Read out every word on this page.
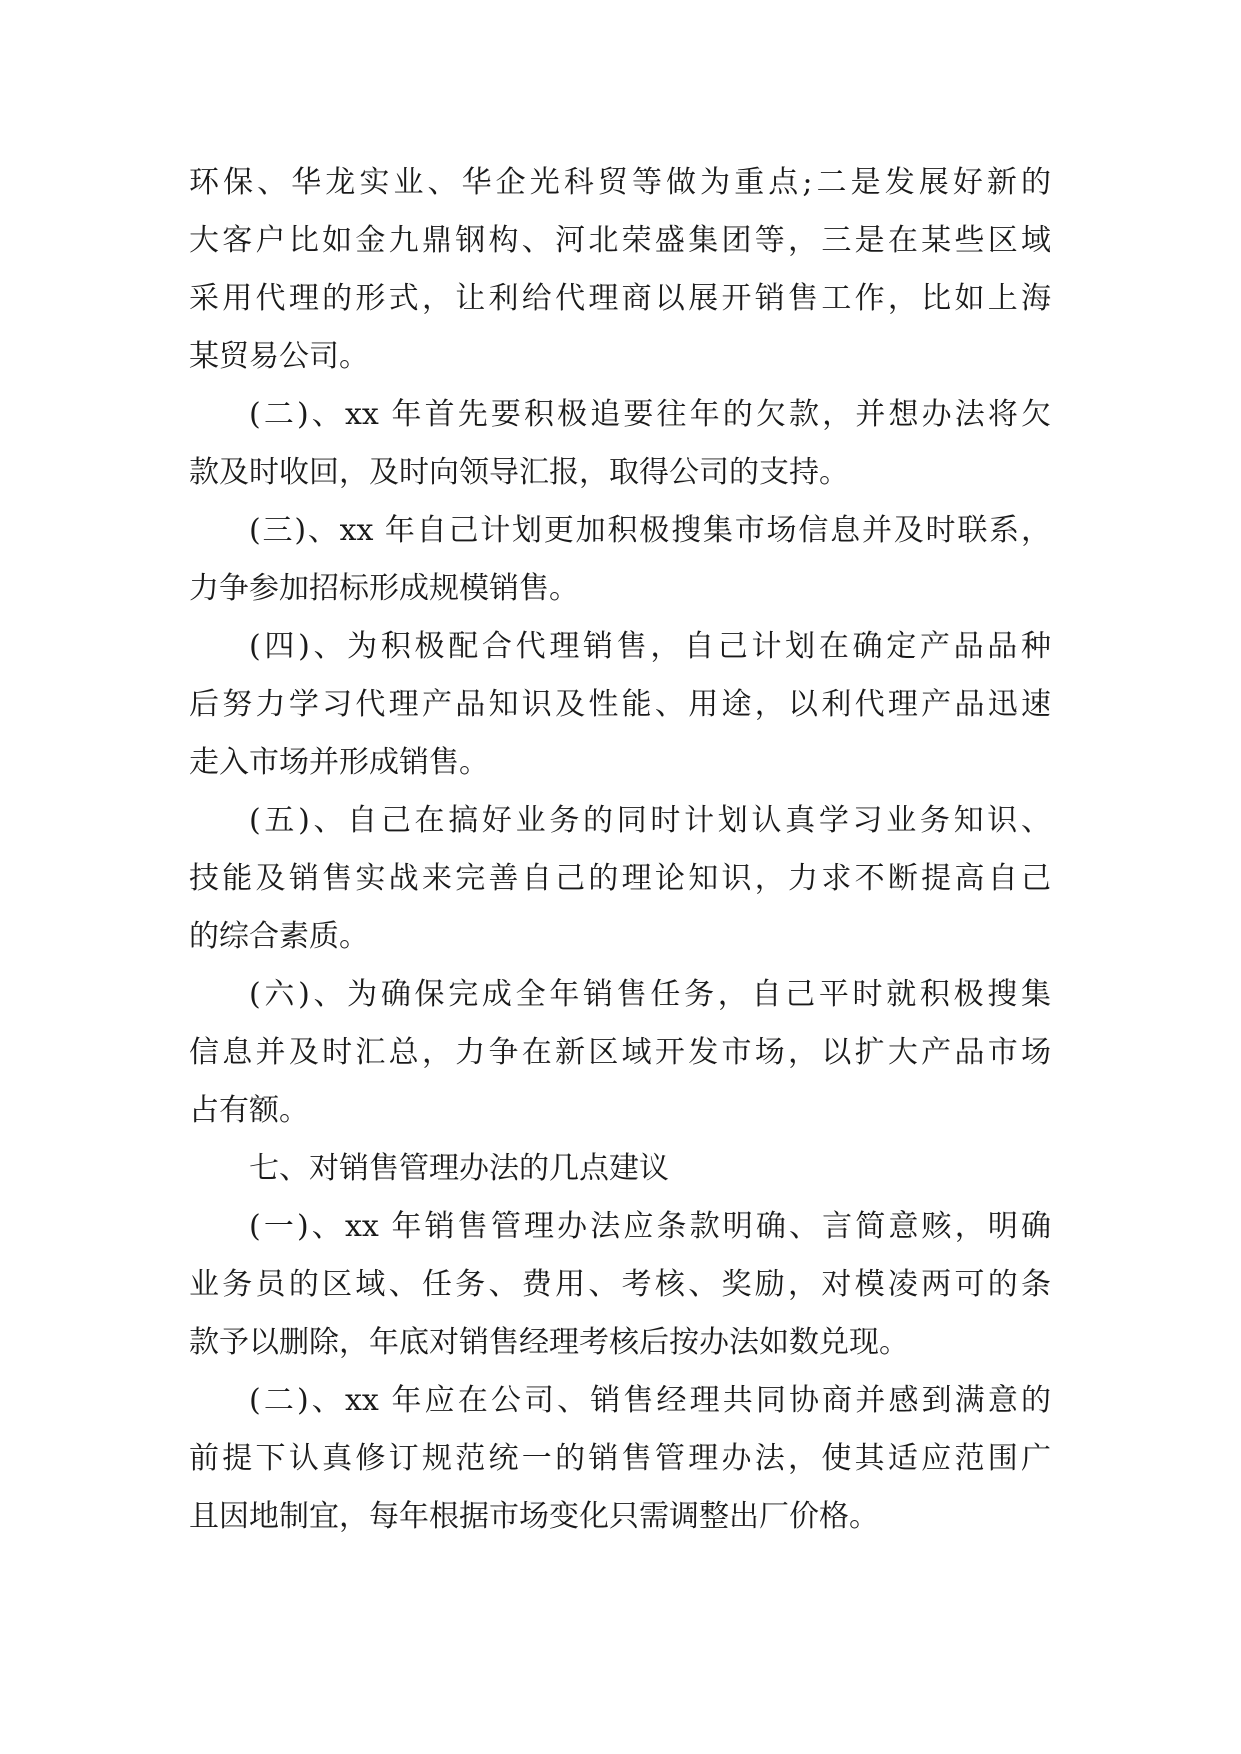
环保、华龙实业、华企光科贸等做为重点;二是发展好新的
大客户比如金九鼎钢构、河北荣盛集团等，三是在某些区域
采用代理的形式，让利给代理商以展开销售工作，比如上海
某贸易公司。
(二)、xx 年首先要积极追要往年的欠款，并想办法将欠
款及时收回，及时向领导汇报，取得公司的支持。
(三)、xx 年自己计划更加积极搜集市场信息并及时联系，
力争参加招标形成规模销售。
(四)、为积极配合代理销售，自己计划在确定产品品种
后努力学习代理产品知识及性能、用途，以利代理产品迅速
走入市场并形成销售。
(五)、自己在搞好业务的同时计划认真学习业务知识、
技能及销售实战来完善自己的理论知识，力求不断提高自己
的综合素质。
(六)、为确保完成全年销售任务，自己平时就积极搜集
信息并及时汇总，力争在新区域开发市场，以扩大产品市场
占有额。
七、对销售管理办法的几点建议
(一)、xx 年销售管理办法应条款明确、言简意赅，明确
业务员的区域、任务、费用、考核、奖励，对模凌两可的条
款予以删除，年底对销售经理考核后按办法如数兑现。
(二)、xx 年应在公司、销售经理共同协商并感到满意的
前提下认真修订规范统一的销售管理办法，使其适应范围广
且因地制宜，每年根据市场变化只需调整出厂价格。
